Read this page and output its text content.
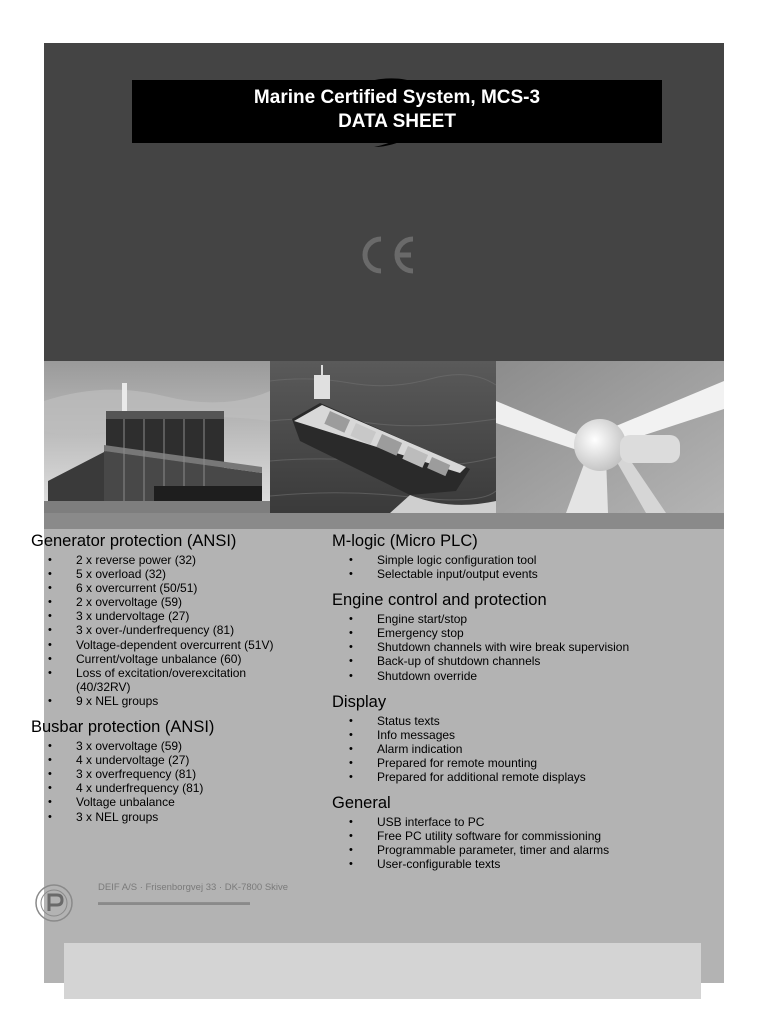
Marine Certified System, MCS-3
DATA SHEET
Generator protection (ANSI)
• 2 x reverse power (32)
• 5 x overload (32)
• 6 x overcurrent (50/51)
• 2 x overvoltage (59)
• 3 x undervoltage (27)
• 3 x over-/underfrequency (81)
• Voltage-dependent overcurrent (51V)
• Current/voltage unbalance (60)
• Loss of excitation/overexcitation (40/32RV)
• 9 x NEL groups
Busbar protection (ANSI)
• 3 x overvoltage (59)
• 4 x undervoltage (27)
• 3 x overfrequency (81)
• 4 x underfrequency (81)
• Voltage unbalance
• 3 x NEL groups
M-logic (Micro PLC)
• Simple logic configuration tool
• Selectable input/output events
Engine control and protection
• Engine start/stop
• Emergency stop
• Shutdown channels with wire break supervision
• Back-up of shutdown channels
• Shutdown override
Display
• Status texts
• Info messages
• Alarm indication
• Prepared for remote mounting
• Prepared for additional remote displays
General
• USB interface to PC
• Free PC utility software for commissioning
• Programmable parameter, timer and alarms
• User-configurable texts
DEIF A/S · Frisenborgvej 33 · DK-7800 Skive
